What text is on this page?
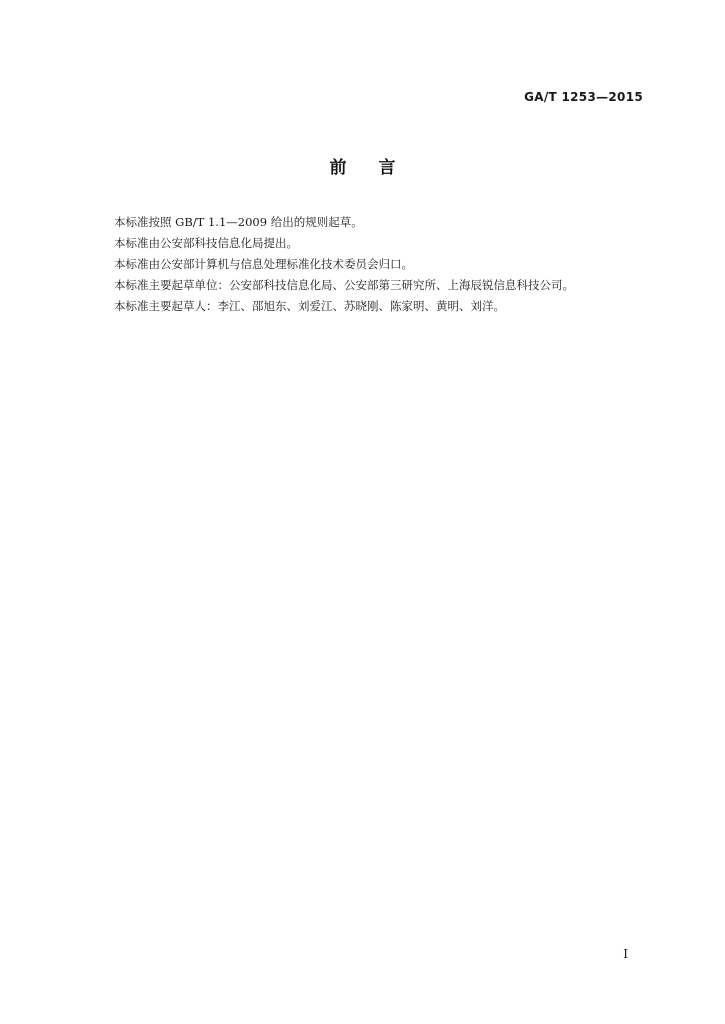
GA/T 1253—2015
前言

本标准按照 GB/T 1.1—2009 给出的规则起草。

本标准由公安部科技信息化局提出。

本标准由公安部计算机与信息处理标准化技术委员会归口。

本标准主要起草单位：公安部科技信息化局、公安部第三研究所、上海辰锐信息科技公司。

本标准主要起草人：李江、邵旭东、刘爱江、苏晓刚、陈家明、黄明、刘洋。

I
